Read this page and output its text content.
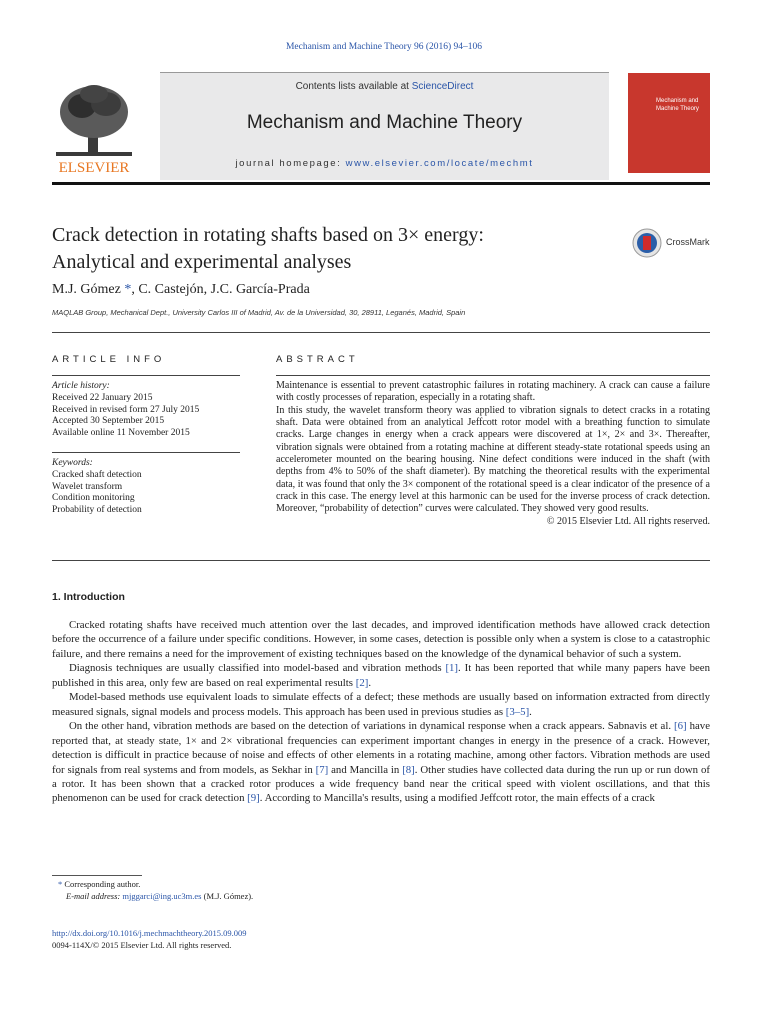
Mechanism and Machine Theory 96 (2016) 94–106
Contents lists available at ScienceDirect
Mechanism and Machine Theory
journal homepage: www.elsevier.com/locate/mechmt
ELSEVIER
Mechanism and Machine Theory
Crack detection in rotating shafts based on 3× energy:
Analytical and experimental analyses
CrossMark
M.J. Gómez *, C. Castejón, J.C. García-Prada
MAQLAB Group, Mechanical Dept., University Carlos III of Madrid, Av. de la Universidad, 30, 28911, Leganés, Madrid, Spain
ARTICLE INFO
Article history:
Received 22 January 2015
Received in revised form 27 July 2015
Accepted 30 September 2015
Available online 11 November 2015
Keywords:
Cracked shaft detection
Wavelet transform
Condition monitoring
Probability of detection
ABSTRACT

Maintenance is essential to prevent catastrophic failures in rotating machinery. A crack can cause a failure with costly processes of reparation, especially in a rotating shaft.

In this study, the wavelet transform theory was applied to vibration signals to detect cracks in a rotating shaft. Data were obtained from an analytical Jeffcott rotor model with a breathing function to simulate cracks. Large changes in energy when a crack appears were discovered at 1×, 2× and 3×. Thereafter, vibration signals were obtained from a rotating machine at different steady-state rotational speeds using an accelerometer mounted on the bearing housing. Nine defect conditions were induced in the shaft (with depths from 4% to 50% of the shaft diameter). By matching the theoretical results with the experimental data, it was found that only the 3× component of the rotational speed is a clear indicator of the presence of a crack in this case. The energy level at this harmonic can be used for the inverse process of crack detection. Moreover, “probability of detection” curves were calculated. They showed very good results.

© 2015 Elsevier Ltd. All rights reserved.

1. Introduction

Cracked rotating shafts have received much attention over the last decades, and improved identification methods have allowed crack detection before the occurrence of a failure under specific conditions. However, in some cases, detection is possible only when a system is close to a catastrophic failure, and there remains a need for the improvement of existing techniques based on the knowledge of the dynamical behavior of such a system.

Diagnosis techniques are usually classified into model-based and vibration methods [1]. It has been reported that while many papers have been published in this area, only few are based on real experimental results [2].

Model-based methods use equivalent loads to simulate effects of a defect; these methods are usually based on information extracted from directly measured signals, signal models and process models. This approach has been used in previous studies as [3–5].

On the other hand, vibration methods are based on the detection of variations in dynamical response when a crack appears. Sabnavis et al. [6] have reported that, at steady state, 1× and 2× vibrational frequencies can experiment important changes in energy in the presence of a crack. However, detection is difficult in practice because of noise and effects of other elements in a rotating machine, among other factors. Vibration methods are used for signals from real systems and from models, as Sekhar in [7] and Mancilla in [8]. Other studies have collected data during the run up or run down of a rotor. It has been shown that a cracked rotor produces a wide frequency band near the critical speed with violent oscillations, and that this phenomenon can be used for crack detection [9]. According to Mancilla's results, using a modified Jeffcott rotor, the main effects of a crack

* Corresponding author.
E-mail address: mjggarci@ing.uc3m.es (M.J. Gómez).
http://dx.doi.org/10.1016/j.mechmachtheory.2015.09.009
0094-114X/© 2015 Elsevier Ltd. All rights reserved.
